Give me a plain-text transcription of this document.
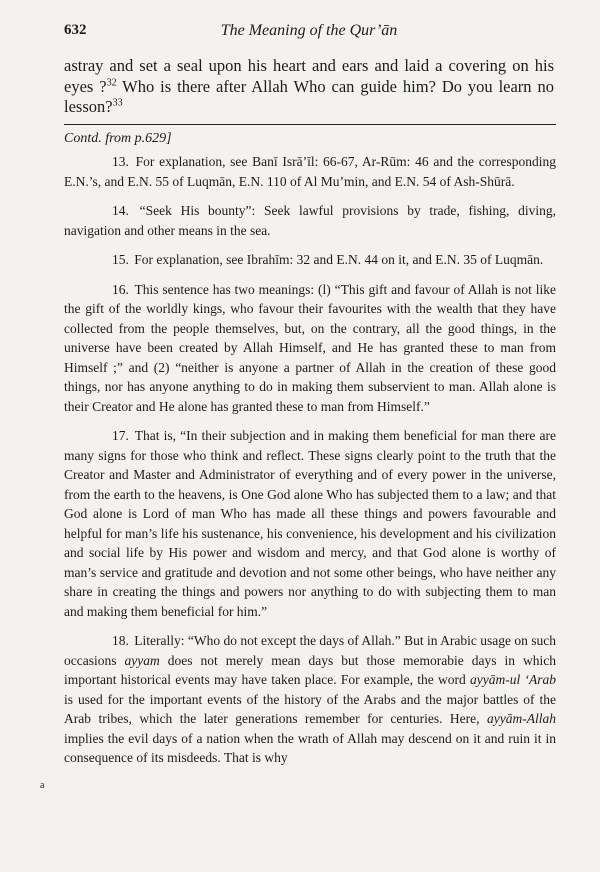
632	The Meaning of the Qur’ān

astray and set a seal upon his heart and ears and laid a covering on his eyes ?$^{32}$ Who is there after Allah Who can guide him? Do you learn no lesson?$^{33}$

Contd. from p.629]

13. For explanation, see Banī Isrā’īl: 66-67, Ar-Rūm: 46 and the corresponding E.N.’s, and E.N. 55 of Luqmān, E.N. 110 of Al Mu’min, and E.N. 54 of Ash-Shūrā.

14. “Seek His bounty”: Seek lawful provisions by trade, fishing, diving, navigation and other means in the sea.

15. For explanation, see Ibrahīm: 32 and E.N. 44 on it, and E.N. 35 of Luqmān.

16. This sentence has two meanings: (l) “This gift and favour of Allah is not like the gift of the worldly kings, who favour their favourites with the wealth that they have collected from the people themselves, but, on the contrary, all the good things, in the universe have been created by Allah Himself, and He has granted these to man from Himself ;” and (2) “neither is anyone a partner of Allah in the creation of these good things, nor has anyone anything to do in making them subservient to man. Allah alone is their Creator and He alone has granted these to man from Himself.”

17. That is, “In their subjection and in making them beneficial for man there are many signs for those who think and reflect. These signs clearly point to the truth that the Creator and Master and Administrator of everything and of every power in the universe, from the earth to the heavens, is One God alone Who has subjected them to a law; and that God alone is Lord of man Who has made all these things and powers favourable and helpful for man’s life his sustenance, his convenience, his development and his civilization and social life by His power and wisdom and mercy, and that God alone is worthy of man’s service and gratitude and devotion and not some other beings, who have neither any share in creating the things and powers nor anything to do with subjecting them to man and making them beneficial for him.”

18. Literally: “Who do not except the days of Allah.” But in Arabic usage on such occasions ayyam does not merely mean days but those memorabie days in which important historical events may have taken place. For example, the word ayyām-ul ‘Arab is used for the important events of the history of the Arabs and the major battles of the Arab tribes, which the later generations remember for centuries. Here, ayyām-Allah implies the evil days of a nation when the wrath of Allah may descend on it and ruin it in consequence of its misdeeds. That is why

a
